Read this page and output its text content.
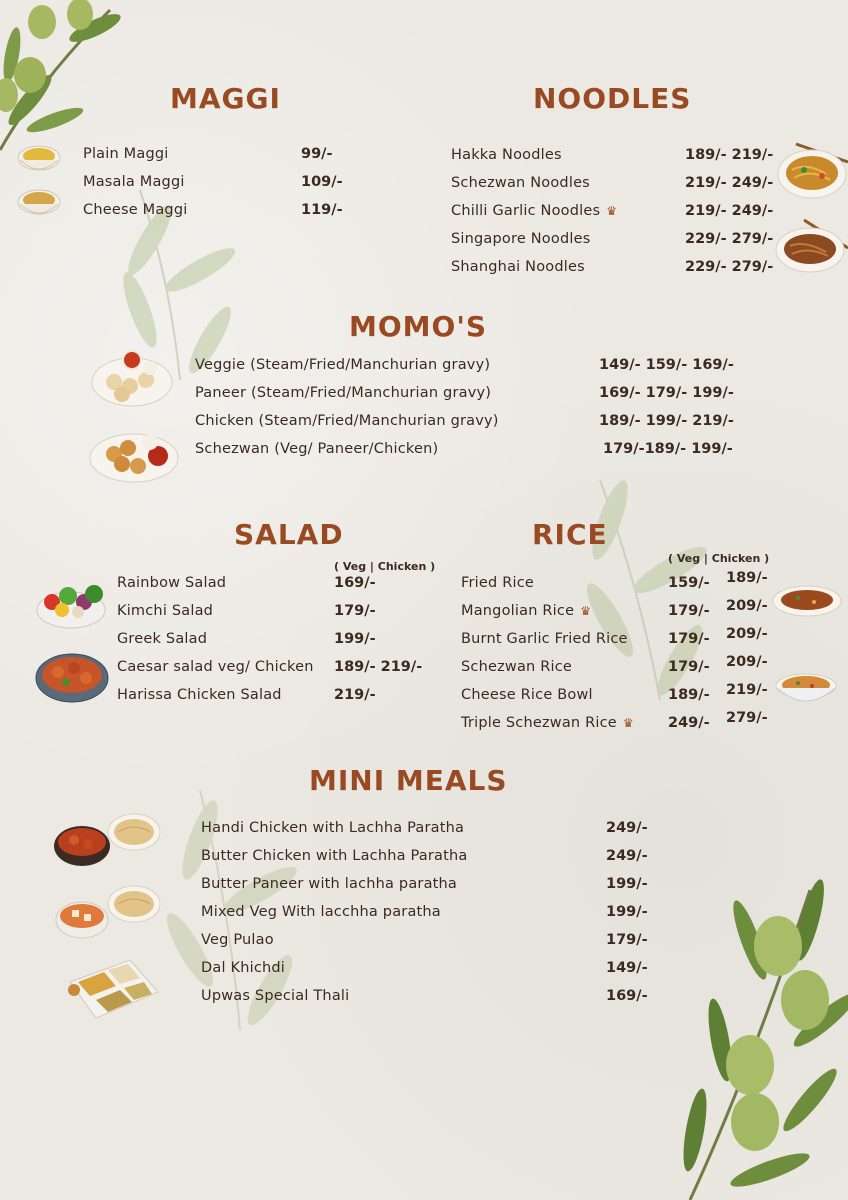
MAGGI
Plain Maggi	99/-
Masala Maggi	109/-
Cheese Maggi	119/-
NOODLES
Hakka Noodles	189/- 219/-
Schezwan Noodles	219/- 249/-
Chilli Garlic Noodles ♛	219/- 249/-
Singapore Noodles	229/- 279/-
Shanghai Noodles	229/- 279/-
MOMO'S
Veggie (Steam/Fried/Manchurian gravy)	149/- 159/- 169/-
Paneer (Steam/Fried/Manchurian gravy)	169/- 179/- 199/-
Chicken (Steam/Fried/Manchurian gravy)	189/- 199/- 219/-
Schezwan (Veg/ Paneer/Chicken)	179/-189/- 199/-
SALAD
( Veg | Chicken )
Rainbow Salad	169/-
Kimchi Salad	179/-
Greek Salad	199/-
Caesar salad veg/ Chicken 189/- 219/-
Harissa Chicken Salad	219/-
RICE
( Veg | Chicken )
Fried Rice	159/- 189/-
Mangolian Rice ♛	179/- 209/-
Burnt Garlic Fried Rice	179/- 209/-
Schezwan Rice	179/- 209/-
Cheese Rice Bowl	189/- 219/-
Triple Schezwan Rice ♛ 249/- 279/-
MINI MEALS
Handi Chicken with Lachha Paratha	249/-
Butter Chicken with Lachha Paratha	249/-
Butter Paneer with lachha paratha	199/-
Mixed Veg With lacchha paratha	199/-
Veg Pulao	179/-
Dal Khichdi	149/-
Upwas Special Thali	169/-
